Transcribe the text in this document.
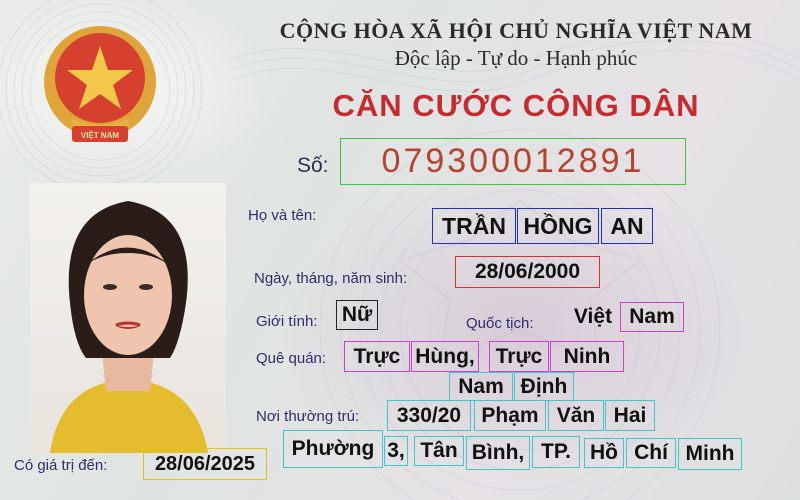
VIỆT NAM
CỘNG HÒA XÃ HỘI CHỦ NGHĨA VIỆT NAM
Độc lập - Tự do - Hạnh phúc
CĂN CƯỚC CÔNG DÂN
Số:	079300012891
Họ và tên:	TRẦN HỒNG AN
Ngày, tháng, năm sinh:	28/06/2000
Giới tính: Nữ	Quốc tịch:	Việt Nam
Quê quán:	Trực Hùng, Trực	Ninh
Nam Định
Nơi thường trú:	330/20 Phạm Văn Hai
Phường 3, Tân Bình, TP. Hồ Chí Minh
Có giá trị đến:	28/06/2025
